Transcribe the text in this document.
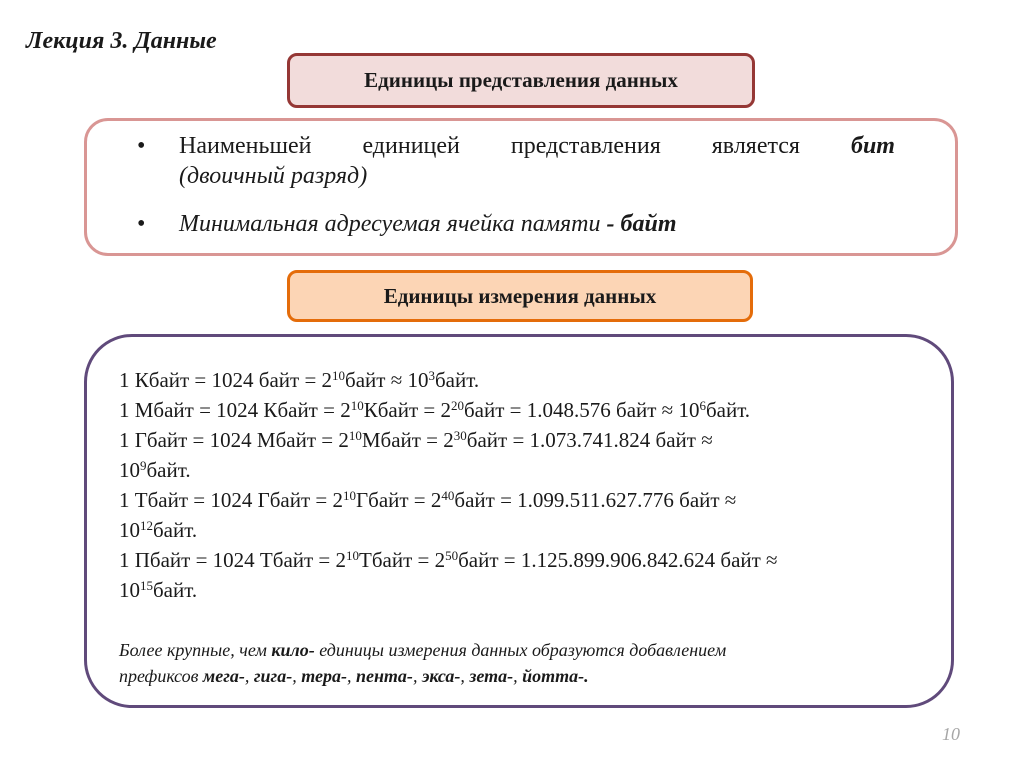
Лекция 3. Данные
Единицы представления данных
•	Наименьшей единицей представления является бит
(двоичный разряд)
•	Минимальная адресуемая ячейка памяти - байт
Единицы измерения данных
1 Кбайт = 1024 байт = $2^{10}байт$ ≈ $10^3байт$.
1 Мбайт = 1024 Кбайт = $2^{10}Кбайт$ = $2^{20}байт = 1.048.576$ байт ≈ $10^6байт$.
1 Гбайт = 1024 Мбайт = $2^{10}Мбайт$ = $2^{30}байт = 1.073.741.824$ байт ≈
$10^9байт$.
1 Тбайт = 1024 Гбайт = $2^{10}Гбайт$ = $2^{40}байт = 1.099.511.627.776$ байт ≈
$10^{12}байт$.
1 Пбайт = 1024 Тбайт = $2^{10}Тбайт$ = $2^{50}байт = 1.125.899.906.842.624$ байт ≈
$10^{15}байт$.
Более крупные, чем кило- единицы измерения данных образуются добавлением
префиксов мега-, гига-, тера-, пента-, экса-, зета-, йотта-.
10
